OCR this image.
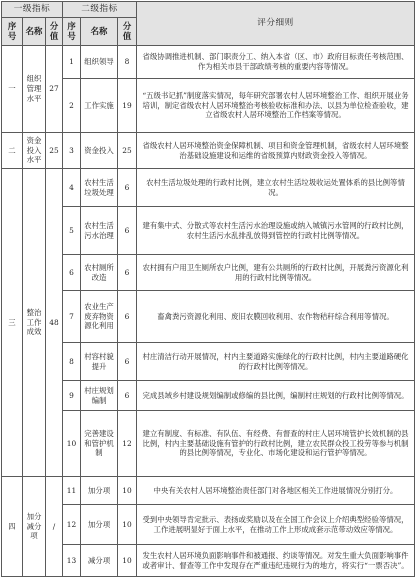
一级指标			二级指标			评分细则
序号	名称	分值	序号	名称	分值	
一	组织管理水平	27	1	组织领导	8	省级协调推进机制、部门职责分工、纳入本省（区、市）政府目标责任考核范围、作为相关市县干部政绩考核的重要内容等情况。
			2	工作实施	19	“五级书记抓”制度落实情况，每年研究部署农村人居环境整治工作、组织开展业务培训，制定省级农村人居环境整治考核验收标准和办法、以县为单位检查验收，建立省级农村人居环境整治工作档案等情况。
二	资金投入水平	25	3	资金投入	25	省级农村人居环境整治资金保障机制、项目和资金管理机制，省级农村人居环境整治基础设施建设和运维的省级预算内财政资金投入等情况。
三	整治工作成效	48	4	农村生活垃圾处理	6	农村生活垃圾处理的行政村比例，建立农村生活垃圾收运处置体系的县比例等情况。
			5	农村生活污水治理	6	建有集中式、分散式等农村生活污水治理设施或纳入城镇污水管网的行政村比例，农村生活污水乱排乱放得到管控的行政村比例等情况。
			6	农村厕所改造	6	农村拥有户用卫生厕所农户比例，建有公共厕所的行政村比例，开展粪污资源化利用的行政村比例等情况。
			7	农业生产废弃物资源化利用	6	畜禽粪污资源化利用、废旧农膜回收利用、农作物秸秆综合利用等情况。
			8	村容村貌提升	6	村庄清洁行动开展情况，村内主要道路实施绿化的行政村比例，村内主要道路硬化的行政村比例等情况。
			9	村庄规划编制	6	完成县域乡村建设规划编制或修编的县比例，编制村庄规划的行政村比例等情况。
			10	完善建设和管护机制	12	建立有制度、有标准、有队伍、有经费、有督查的村庄人居环境管护长效机制的县比例，村内主要基础设施有管护的行政村比例，建立农民群众投工投劳等参与机制的县比例等情况，专业化、市场化建设和运行管护等情况。
四	加分减分项	/	11	加分项	10	中央有关农村人居环境整治责任部门对各地区相关工作进展情况分别打分。
			12	加分项	10	受到中央领导肯定批示、表扬或奖励以及在全国工作会议上介绍典型经验等情况，工作进展明显好于面上水平，在推动工作上形成成套示范带动效应等情况。
			13	减分项	10	发生农村人居环境负面影响事件和被通报、约谈等情况。对发生重大负面影响事件或者审计、督查等工作中发现存在严重违纪违规行为的地方，将实行“一票否决”。
